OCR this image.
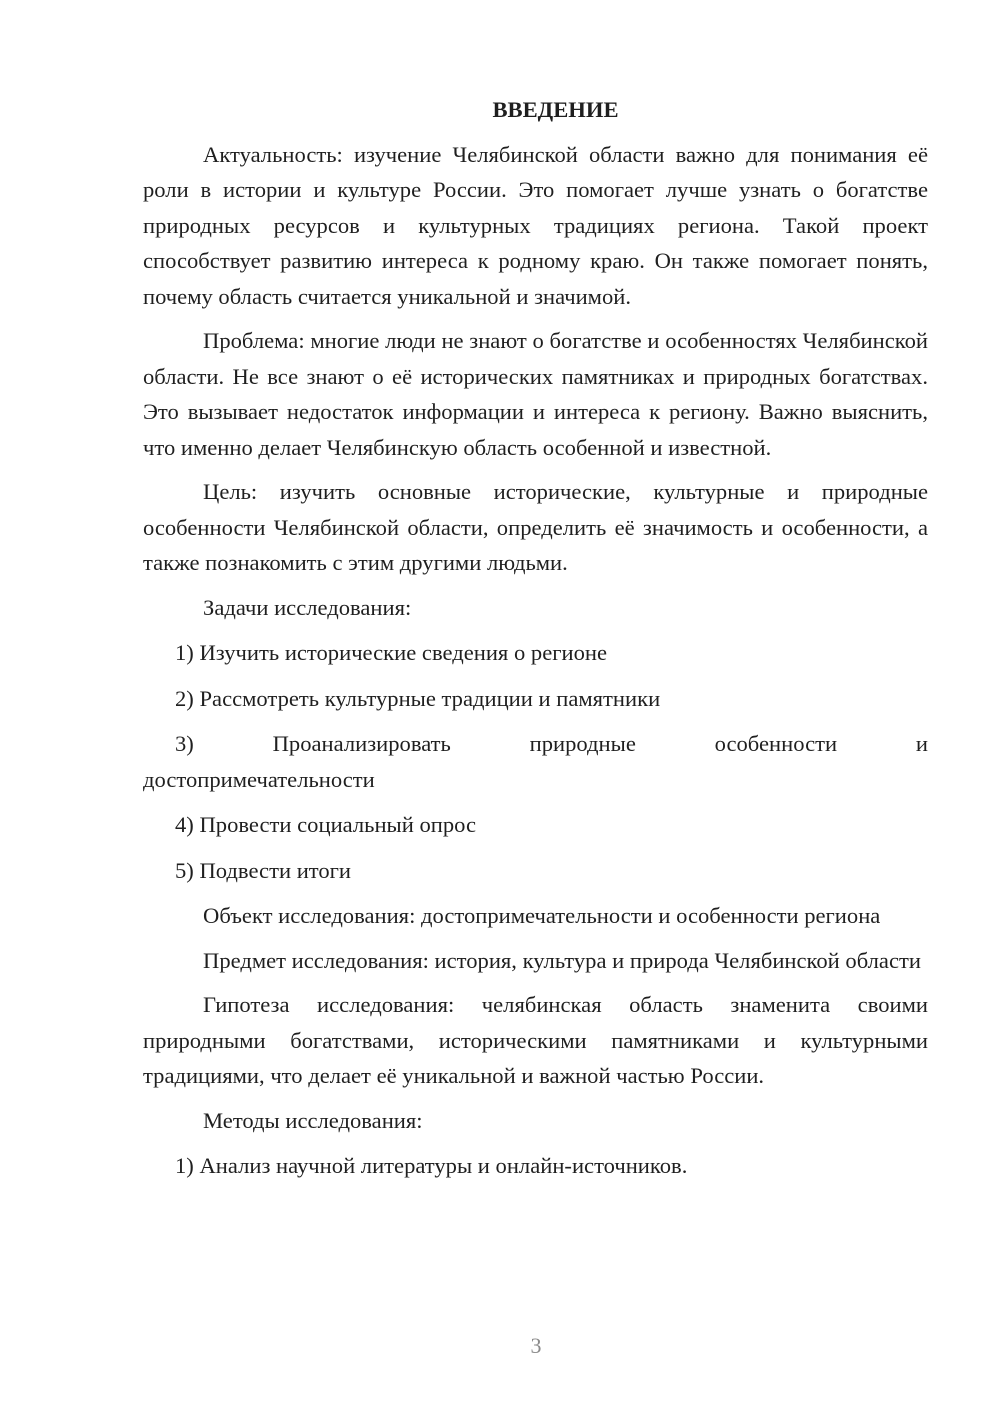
ВВЕДЕНИЕ

Актуальность: изучение Челябинской области важно для понимания её роли в истории и культуре России. Это помогает лучше узнать о богатстве природных ресурсов и культурных традициях региона. Такой проект способствует развитию интереса к родному краю. Он также помогает понять, почему область считается уникальной и значимой.

Проблема: многие люди не знают о богатстве и особенностях Челябинской области. Не все знают о её исторических памятниках и природных богатствах. Это вызывает недостаток информации и интереса к региону. Важно выяснить, что именно делает Челябинскую область особенной и известной.

Цель: изучить основные исторические, культурные и природные особенности Челябинской области, определить её значимость и особенности, а также познакомить с этим другими людьми.

Задачи исследования:

1) Изучить исторические сведения о регионе

2) Рассмотреть культурные традиции и памятники

3)	Проанализировать	природные	особенности	и
достопримечательности

4) Провести социальный опрос

5) Подвести итоги

Объект исследования: достопримечательности и особенности региона

Предмет исследования: история, культура и природа Челябинской области

Гипотеза исследования: челябинская область знаменита своими природными богатствами, историческими памятниками и культурными традициями, что делает её уникальной и важной частью России.

Методы исследования:

1) Анализ научной литературы и онлайн-источников.

3
